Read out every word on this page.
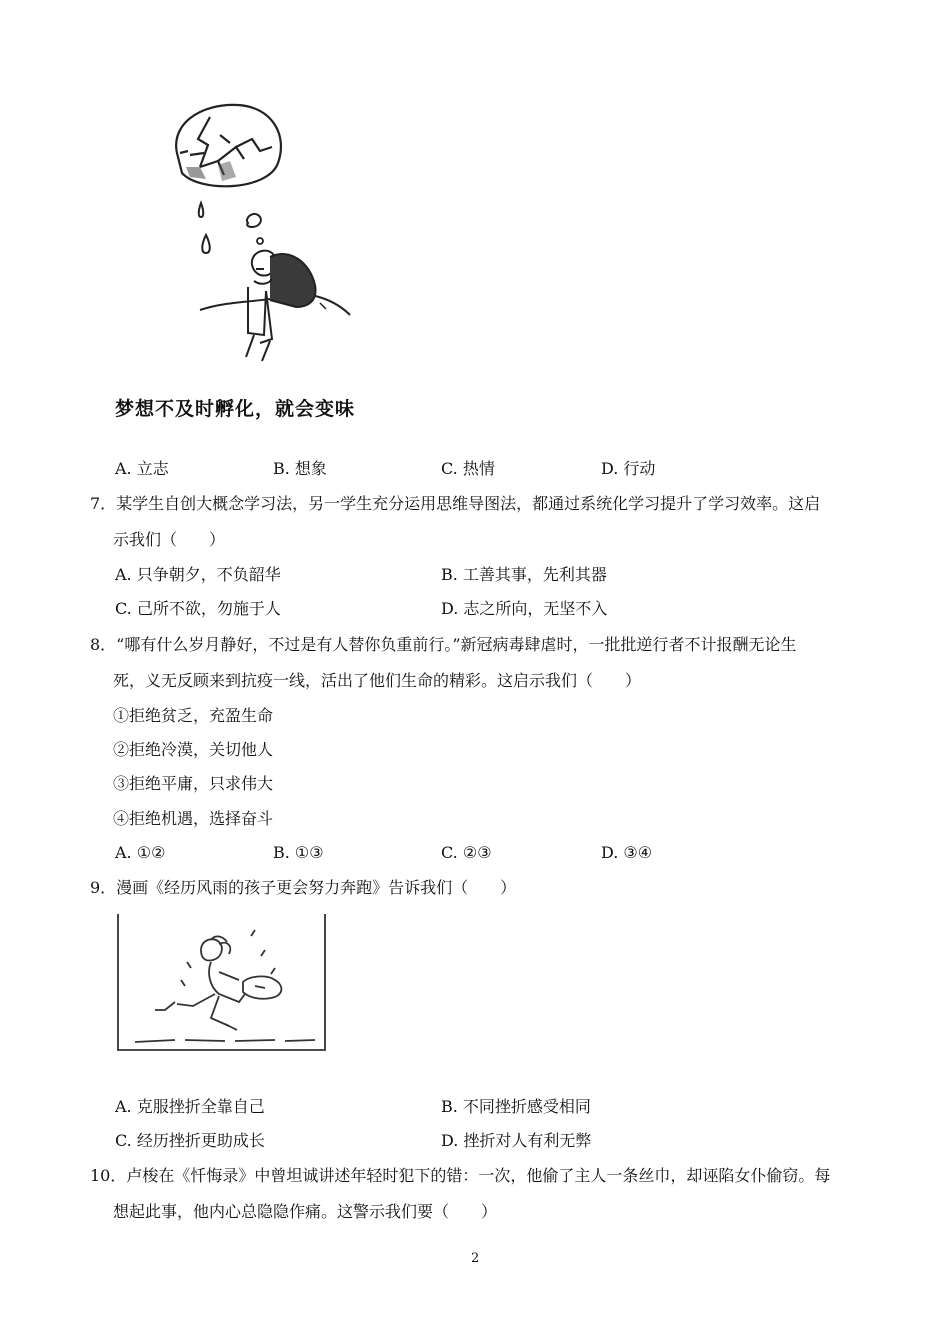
梦想不及时孵化，就会变味
A. 立志	B. 想象	C. 热情	D. 行动
7．某学生自创大概念学习法，另一学生充分运用思维导图法，都通过系统化学习提升了学习效率。这启
示我们（　　）
A. 只争朝夕，不负韶华	B. 工善其事，先利其器
C. 己所不欲，勿施于人	D. 志之所向，无坚不入
8．“哪有什么岁月静好，不过是有人替你负重前行。”新冠病毒肆虐时，一批批逆行者不计报酬无论生
死，义无反顾来到抗疫一线，活出了他们生命的精彩。这启示我们（　　）
①拒绝贫乏，充盈生命
②拒绝冷漠，关切他人
③拒绝平庸，只求伟大
④拒绝机遇，选择奋斗
A. ①②	B. ①③	C. ②③	D. ③④
9．漫画《经历风雨的孩子更会努力奔跑》告诉我们（　　）
A. 克服挫折全靠自己	B. 不同挫折感受相同
C. 经历挫折更助成长	D. 挫折对人有利无弊
10．卢梭在《忏悔录》中曾坦诚讲述年轻时犯下的错：一次，他偷了主人一条丝巾，却诬陷女仆偷窃。每
想起此事，他内心总隐隐作痛。这警示我们要（　　）
2
